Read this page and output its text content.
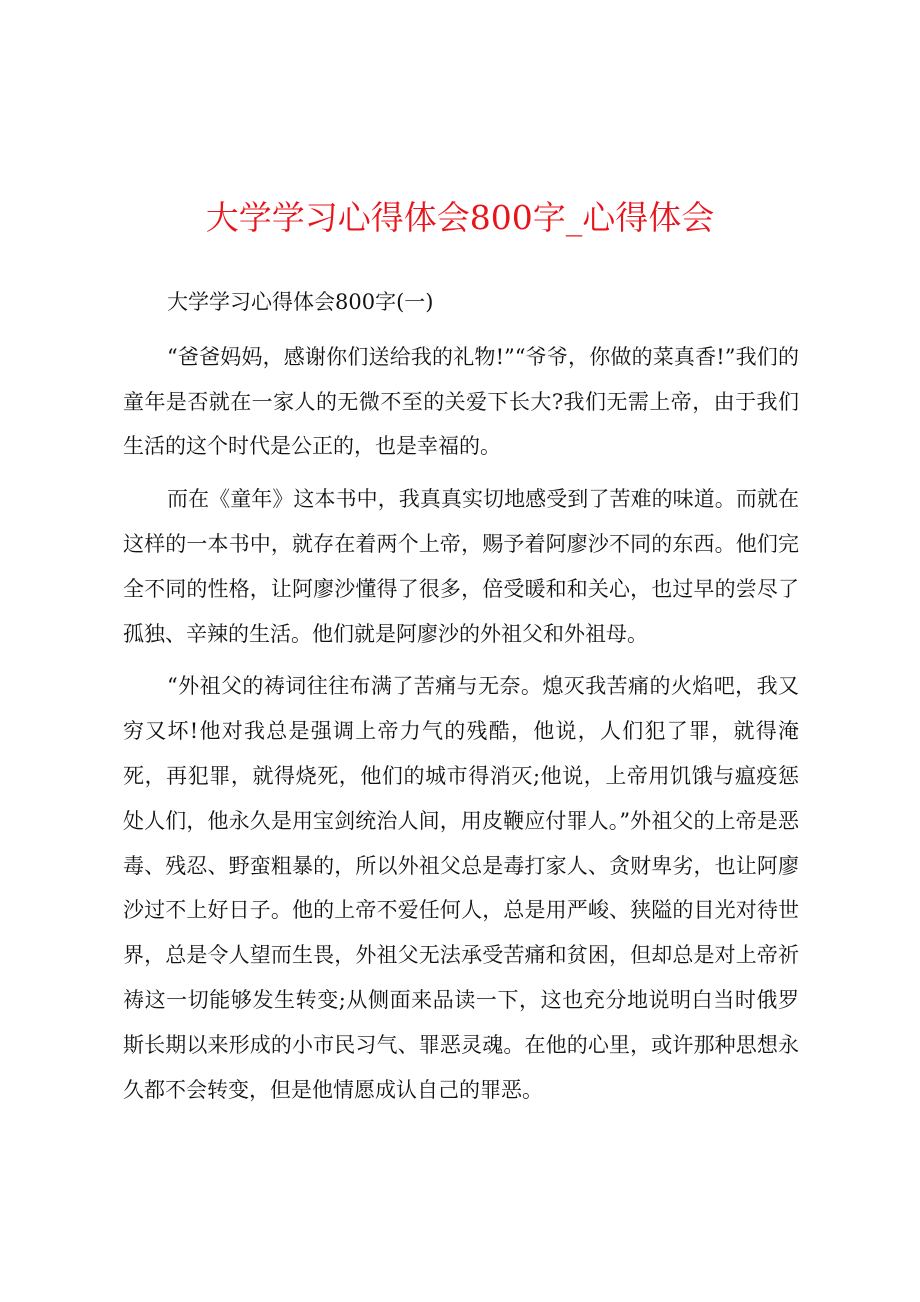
大学学习心得体会800字_心得体会

大学学习心得体会800字(一)

“爸爸妈妈，感谢你们送给我的礼物!”“爷爷，你做的菜真香!”我们的童年是否就在一家人的无微不至的关爱下长大?我们无需上帝，由于我们生活的这个时代是公正的，也是幸福的。

而在《童年》这本书中，我真真实切地感受到了苦难的味道。而就在这样的一本书中，就存在着两个上帝，赐予着阿廖沙不同的东西。他们完全不同的性格，让阿廖沙懂得了很多，倍受暖和和关心，也过早的尝尽了孤独、辛辣的生活。他们就是阿廖沙的外祖父和外祖母。

“外祖父的祷词往往布满了苦痛与无奈。熄灭我苦痛的火焰吧，我又穷又坏!他对我总是强调上帝力气的残酷，他说，人们犯了罪，就得淹死，再犯罪，就得烧死，他们的城市得消灭;他说，上帝用饥饿与瘟疫惩处人们，他永久是用宝剑统治人间，用皮鞭应付罪人。”外祖父的上帝是恶毒、残忍、野蛮粗暴的，所以外祖父总是毒打家人、贪财卑劣，也让阿廖沙过不上好日子。他的上帝不爱任何人，总是用严峻、狭隘的目光对待世界，总是令人望而生畏，外祖父无法承受苦痛和贫困，但却总是对上帝祈祷这一切能够发生转变;从侧面来品读一下，这也充分地说明白当时俄罗斯长期以来形成的小市民习气、罪恶灵魂。在他的心里，或许那种思想永久都不会转变，但是他情愿成认自己的罪恶。
